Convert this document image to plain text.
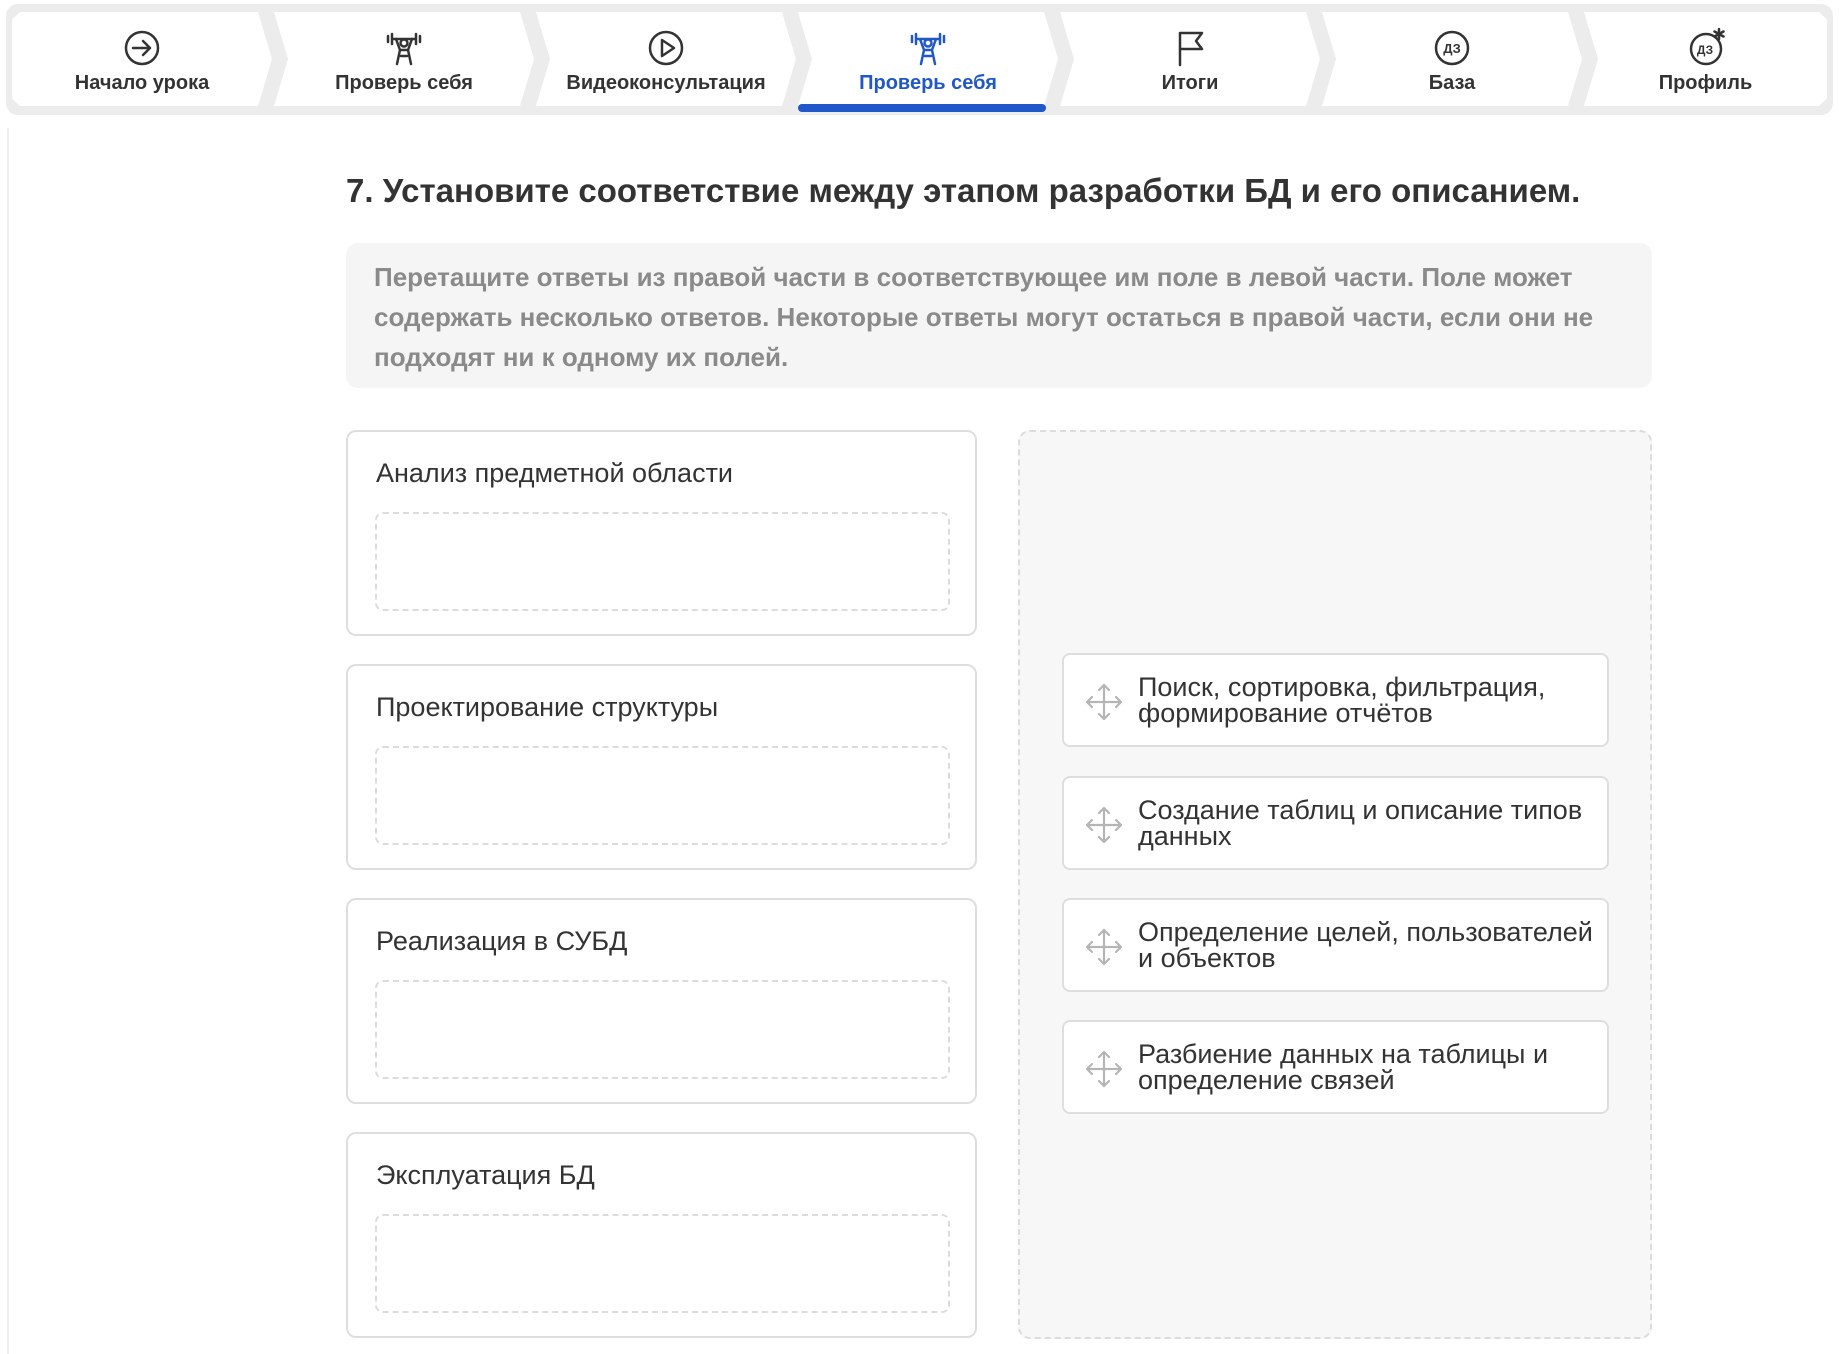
Начало урока	Проверь себя	Видеоконсультация	Проверь себя	Итоги
ДЗ
База
ДЗ
Профиль
7. Установите соответствие между этапом разработки БД и его описанием.
Перетащите ответы из правой части в соответствующее им поле в левой части. Поле может содержать несколько ответов. Некоторые ответы могут остаться в правой части, если они не подходят ни к одному их полей.
Анализ предметной области
Проектирование структуры
Реализация в СУБД
Эксплуатация БД
Поиск, сортировка, фильтрация, формирование отчётов
Создание таблиц и описание типов данных
Определение целей, пользователей и объектов
Разбиение данных на таблицы и определение связей
